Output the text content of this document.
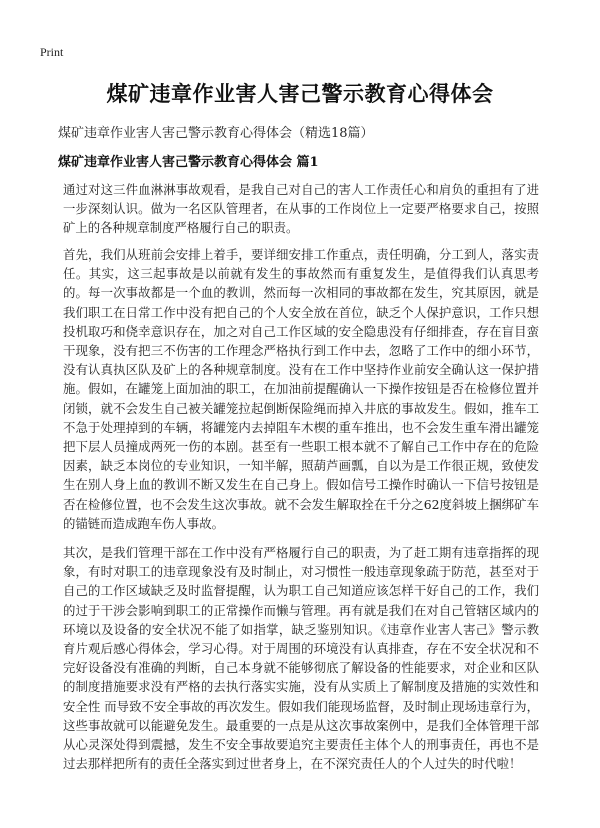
Print
煤矿违章作业害人害己警示教育心得体会

煤矿违章作业害人害己警示教育心得体会（精选18篇）

煤矿违章作业害人害己警示教育心得体会 篇1

通过对这三件血淋淋事故观看，是我自己对自己的害人工作责任心和肩负的重担有了进一步深刻认识。做为一名区队管理者，在从事的工作岗位上一定要严格要求自己，按照矿上的各种规章制度严格履行自己的职责。

首先，我们从班前会安排上着手，要详细安排工作重点，责任明确，分工到人，落实责任。其实，这三起事故是以前就有发生的事故然而有重复发生，是值得我们认真思考的。每一次事故都是一个血的教训，然而每一次相同的事故都在发生，究其原因，就是我们职工在日常工作中没有把自己的个人安全放在首位，缺乏个人保护意识，工作只想投机取巧和侥幸意识存在，加之对自己工作区域的安全隐患没有仔细排查，存在盲目蛮干现象，没有把三不伤害的工作理念严格执行到工作中去，忽略了工作中的细小环节，没有认真执区队及矿上的各种规章制度。没有在工作中坚持作业前安全确认这一保护措施。假如，在罐笼上面加油的职工，在加油前提醒确认一下操作按钮是否在检修位置并闭锁，就不会发生自己被关罐笼拉起倒断保险绳而掉入井底的事故发生。假如，推车工不急于处理掉到的车辆，将罐笼内去掉阻车木楔的重车推出，也不会发生重车滑出罐笼把下层人员撞成两死一伤的本剧。甚至有一些职工根本就不了解自己工作中存在的危险因素，缺乏本岗位的专业知识，一知半解，照葫芦画瓢，自以为是工作很正规，致使发生在别人身上血的教训不断又发生在自己身上。假如信号工操作时确认一下信号按钮是否在检修位置，也不会发生这次事故。就不会发生解取拴在千分之62度斜坡上捆绑矿车的锚链而造成跑车伤人事故。

其次，是我们管理干部在工作中没有严格履行自己的职责，为了赶工期有违章指挥的现象，有时对职工的违章现象没有及时制止，对习惯性一般违章现象疏于防范，甚至对于自己的工作区域缺乏及时监督提醒，认为职工自己知道应该怎样干好自己的工作，我们的过于干涉会影响到职工的正常操作而懒与管理。再有就是我们在对自己管辖区域内的环境以及设备的安全状况不能了如指掌，缺乏鉴别知识。《违章作业害人害己》警示教育片观后感心得体会，学习心得。对于周围的环境没有认真排查，存在不安全状况和不完好设备没有准确的判断，自己本身就不能够彻底了解设备的性能要求，对企业和区队的制度措施要求没有严格的去执行落实实施，没有从实质上了解制度及措施的实效性和安全性 而导致不安全事故的再次发生。假如我们能现场监督，及时制止现场违章行为，这些事故就可以能避免发生。最重要的一点是从这次事故案例中，是我们全体管理干部从心灵深处得到震撼，发生不安全事故要追究主要责任主体个人的刑事责任，再也不是过去那样把所有的责任全落实到过世者身上，在不深究责任人的个人过失的时代啦！
